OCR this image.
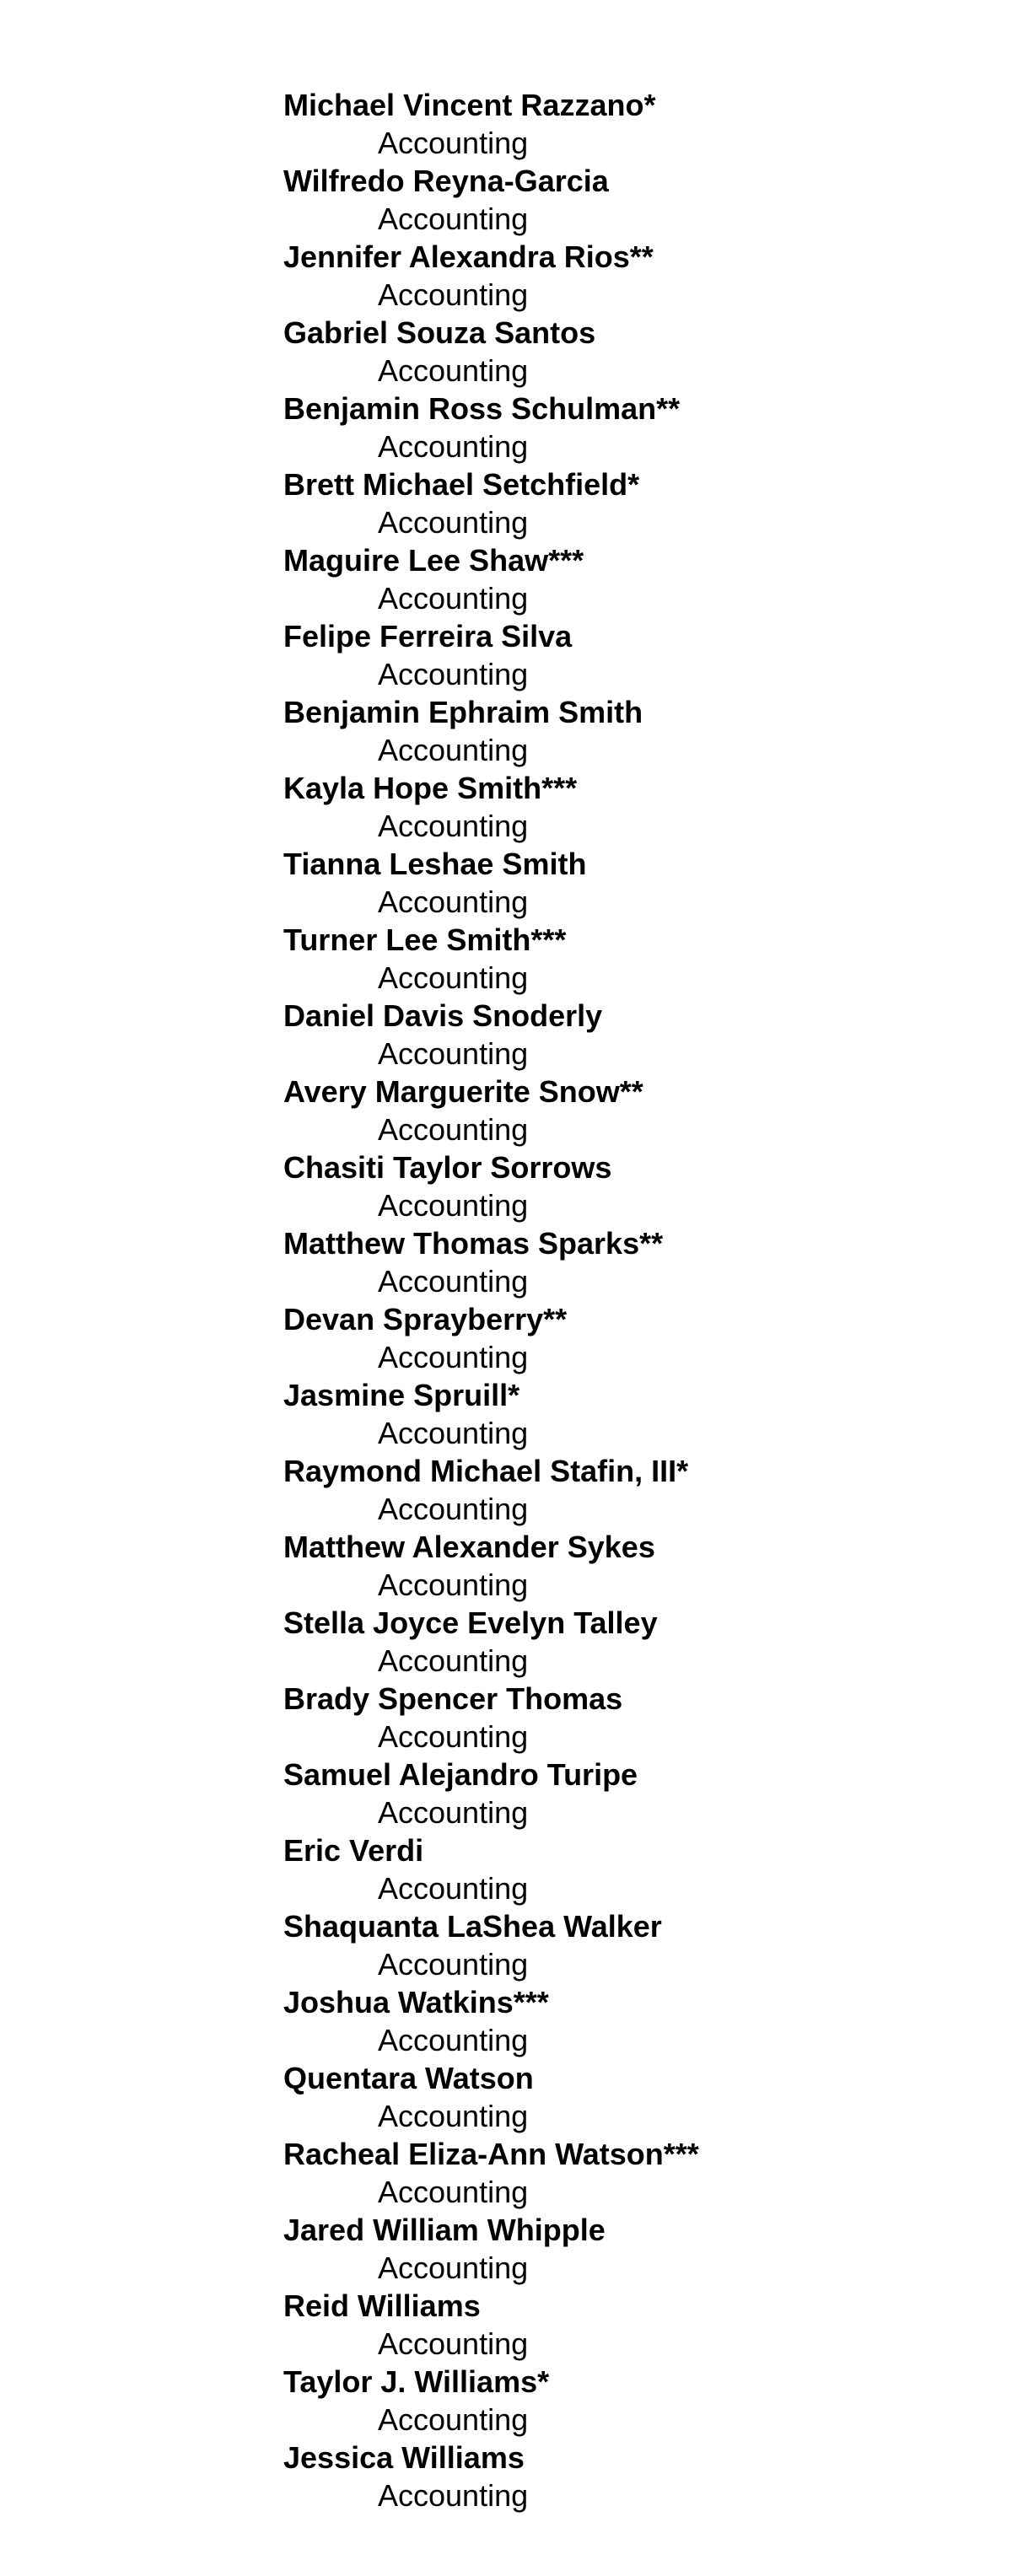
Michael Vincent Razzano*
Accounting
Wilfredo Reyna-Garcia
Accounting
Jennifer Alexandra Rios**
Accounting
Gabriel Souza Santos
Accounting
Benjamin Ross Schulman**
Accounting
Brett Michael Setchfield*
Accounting
Maguire Lee Shaw***
Accounting
Felipe Ferreira Silva
Accounting
Benjamin Ephraim Smith
Accounting
Kayla Hope Smith***
Accounting
Tianna Leshae Smith
Accounting
Turner Lee Smith***
Accounting
Daniel Davis Snoderly
Accounting
Avery Marguerite Snow**
Accounting
Chasiti Taylor Sorrows
Accounting
Matthew Thomas Sparks**
Accounting
Devan Sprayberry**
Accounting
Jasmine Spruill*
Accounting
Raymond Michael Stafin, III*
Accounting
Matthew Alexander Sykes
Accounting
Stella Joyce Evelyn Talley
Accounting
Brady Spencer Thomas
Accounting
Samuel Alejandro Turipe
Accounting
Eric Verdi
Accounting
Shaquanta LaShea Walker
Accounting
Joshua Watkins***
Accounting
Quentara Watson
Accounting
Racheal Eliza-Ann Watson***
Accounting
Jared William Whipple
Accounting
Reid Williams
Accounting
Taylor J. Williams*
Accounting
Jessica Williams
Accounting
